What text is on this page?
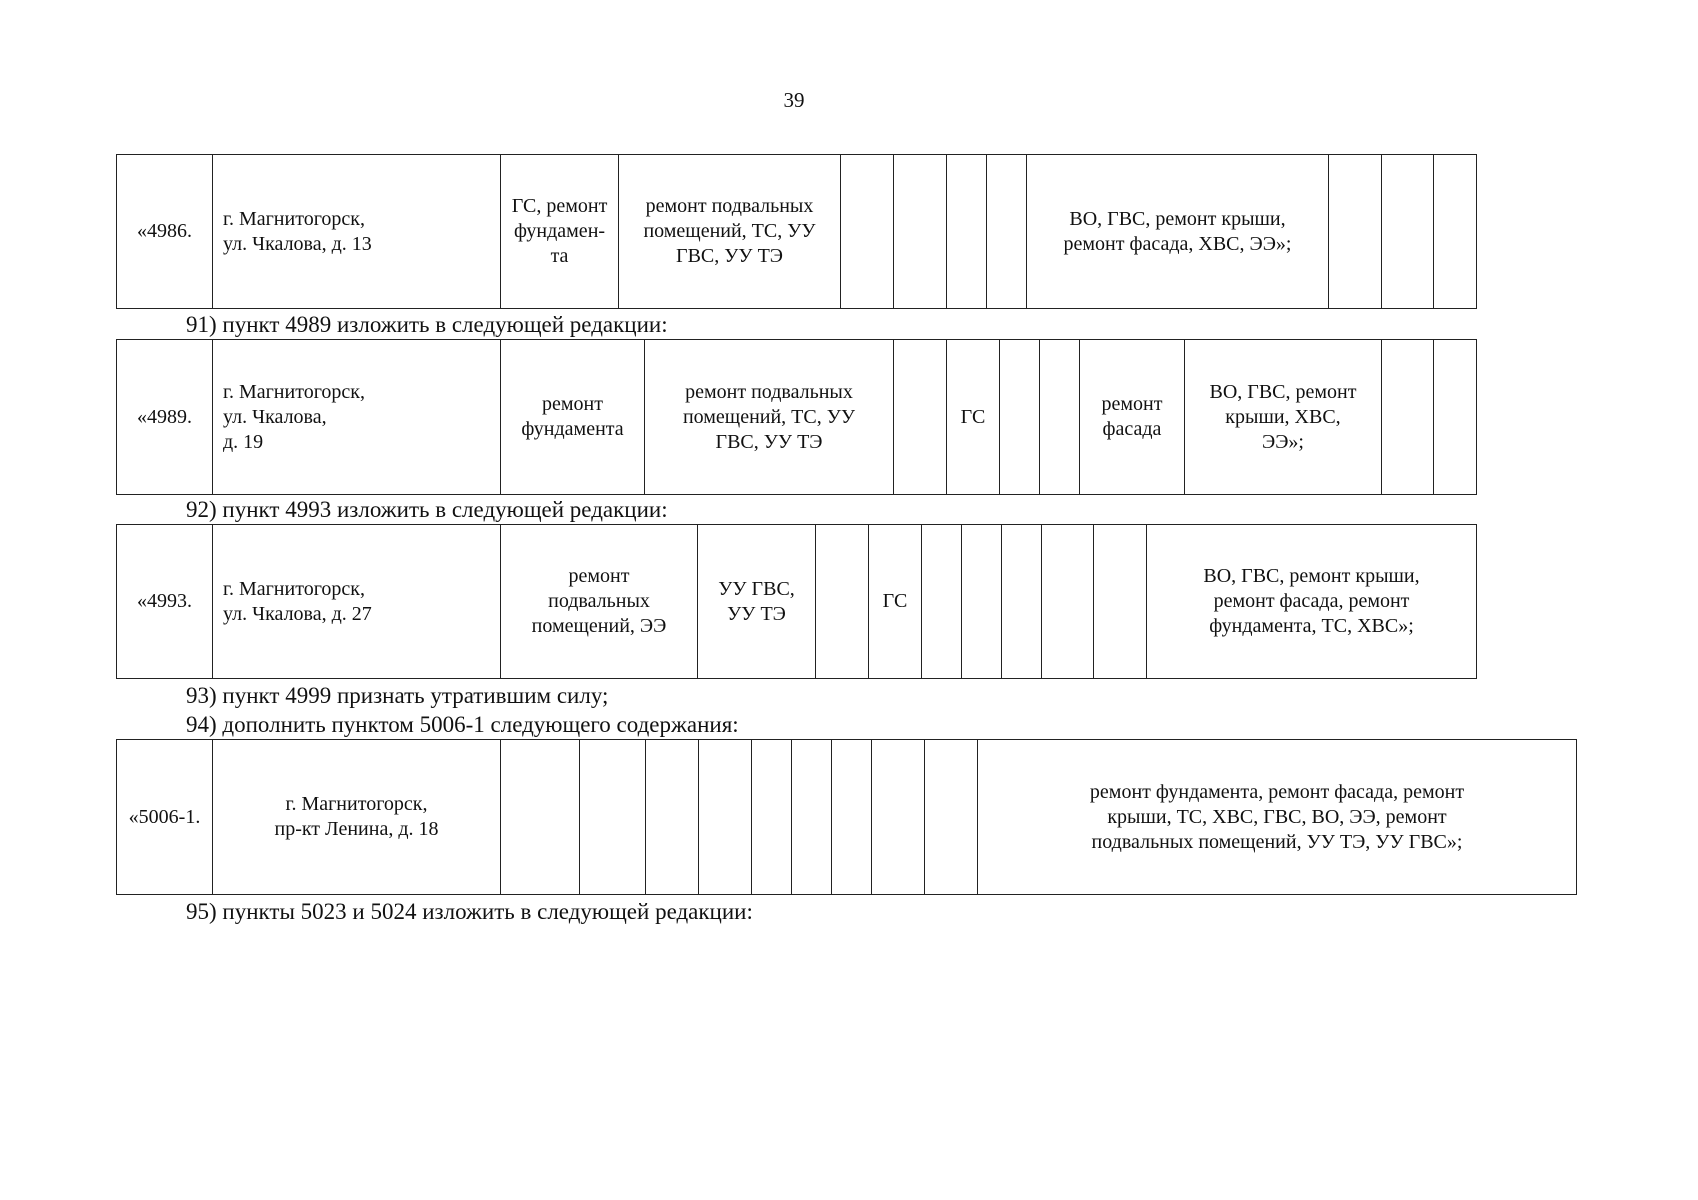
39
«4986.	г. Магнитогорск,
ул. Чкалова, д. 13	ГС, ремонт
фундамен-
та	ремонт подвальных
помещений, ТС, УУ
ГВС, УУ ТЭ					ВО, ГВС, ремонт крыши,
ремонт фасада, ХВС, ЭЭ»;			
91) пункт 4989 изложить в следующей редакции:
«4989.	г. Магнитогорск,
ул. Чкалова,
д. 19	ремонт
фундамента	ремонт подвальных
помещений, ТС, УУ
ГВС, УУ ТЭ		ГС			ремонт
фасада	ВО, ГВС, ремонт
крыши, ХВС,
ЭЭ»;		
92) пункт 4993 изложить в следующей редакции:
«4993.	г. Магнитогорск,
ул. Чкалова, д. 27	ремонт
подвальных
помещений, ЭЭ	УУ ГВС,
УУ ТЭ		ГС						ВО, ГВС, ремонт крыши,
ремонт фасада, ремонт
фундамента, ТС, ХВС»;
93) пункт 4999 признать утратившим силу;
94) дополнить пунктом 5006-1 следующего содержания:
«5006-1.	г. Магнитогорск,
пр-кт Ленина, д. 18										ремонт фундамента, ремонт фасада, ремонт
крыши, ТС, ХВС, ГВС, ВО, ЭЭ, ремонт
подвальных помещений, УУ ТЭ, УУ ГВС»;
95) пункты 5023 и 5024 изложить в следующей редакции:
